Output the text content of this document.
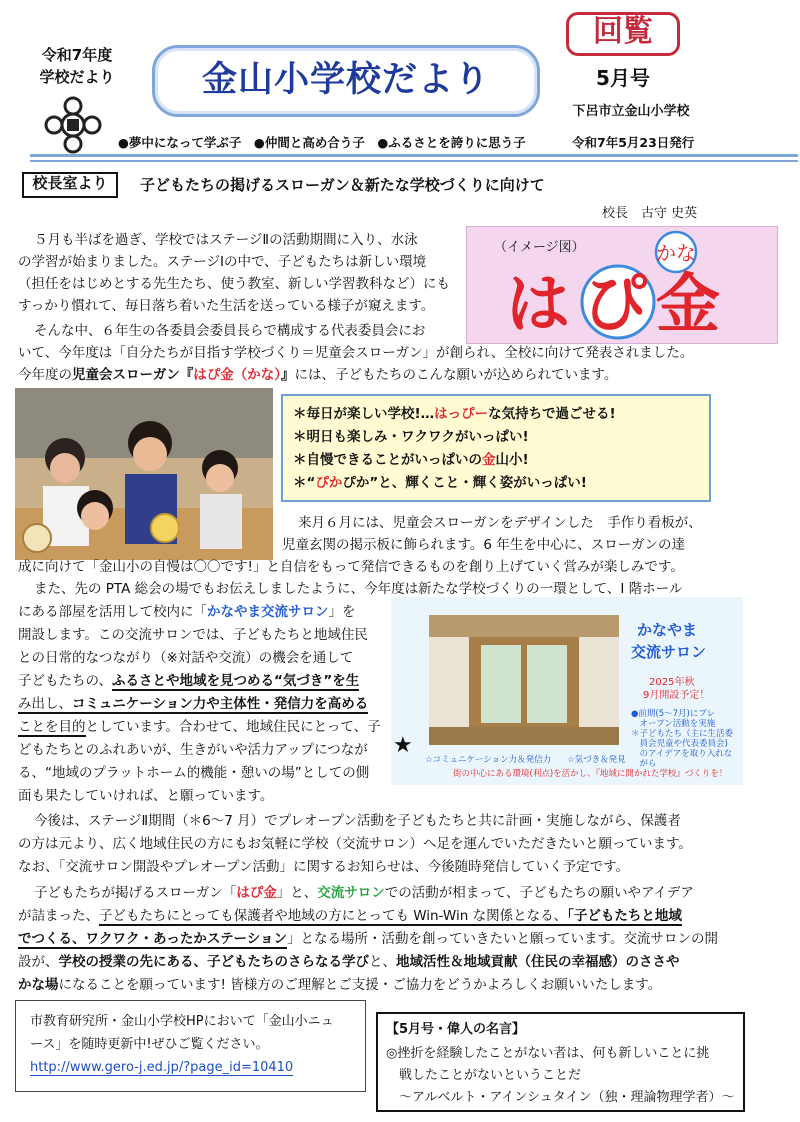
令和7年度
学校だより	金山小学校だより
回覧
5月号
下呂市立金山小学校
●夢中になって学ぶ子　●仲間と高め合う子　●ふるさとを誇りに思う子	令和7年5月23日発行
校長室より	子どもたちの掲げるスローガン＆新たな学校づくりに向けて
校長　古守 史英
（イメージ図）	かな
は ぴ 金
５月も半ばを過ぎ、学校ではステージⅡの活動期間に入り、水泳
の学習が始まりました。ステージⅠの中で、子どもたちは新しい環境
（担任をはじめとする先生たち、使う教室、新しい学習教科など）にも
すっかり慣れて、毎日落ち着いた生活を送っている様子が窺えます。
そんな中、６年生の各委員会委員長らで構成する代表委員会にお
いて、今年度は「自分たちが目指す学校づくり＝児童会スローガン」が創られ、全校に向けて発表されました。
今年度の児童会スローガン『はぴ金（かな）』には、子どもたちのこんな願いが込められています。
＊毎日が楽しい学校!…はっぴーな気持ちで過ごせる!
＊明日も楽しみ・ワクワクがいっぱい!
＊自慢できることがいっぱいの金山小!
＊“ぴかぴか”と、輝くこと・輝く姿がいっぱい!
来月６月には、児童会スローガンをデザインした　手作り看板が、
児童玄関の掲示板に飾られます。6 年生を中心に、スローガンの達
成に向けて「金山小の自慢は〇〇です!」と自信をもって発信できるものを創り上げていく営みが楽しみです。
また、先の PTA 総会の場でもお伝えしましたように、今年度は新たな学校づくりの一環として、Ⅰ 階ホール
にある部屋を活用して校内に「かなやま交流サロン」を
開設します。この交流サロンでは、子どもたちと地域住民
との日常的なつながり（※対話や交流）の機会を通して
子どもたちの、ふるさとや地域を見つめる“気づき”を生
み出し、コミュニケーション力や主体性・発信力を高める
ことを目的としています。合わせて、地域住民にとって、子
どもたちとのふれあいが、生きがいや活力アップにつなが
る、“地域のプラットホーム的機能・憩いの場”としての側
面も果たしていければ、と願っています。
かなやま
交流サロン
2025年秋
9月開設予定！
●前期(5～7月)にプレ
　オープン活動を実施
＊子どもたち（主に生活委
　員会児童や代表委員会)
　のアイデアを取り入れな
　がら
★
☆コミュニケーション力＆発信力 ☆気づき＆発見
街の中心にある環境(利点)を活かし、『地域に開かれた学校』づくりを！
今後は、ステージⅡ期間（＊6～7 月）でプレオープン活動を子どもたちと共に計画・実施しながら、保護者
の方は元より、広く地域住民の方にもお気軽に学校（交流サロン）へ足を運んでいただきたいと願っています。
なお、「交流サロン開設やプレオープン活動」に関するお知らせは、今後随時発信していく予定です。
子どもたちが掲げるスローガン「はぴ金」と、交流サロンでの活動が相まって、子どもたちの願いやアイデア
が詰まった、子どもたちにとっても保護者や地域の方にとっても Win-Win な関係となる、「子どもたちと地域
でつくる、ワクワク・あったかステーション」となる場所・活動を創っていきたいと願っています。交流サロンの開
設が、学校の授業の先にある、子どもたちのさらなる学びと、地域活性＆地域貢献（住民の幸福感）のささや
かな場になることを願っています! 皆様方のご理解とご支援・ご協力をどうかよろしくお願いいたします。
市教育研究所・金山小学校HPにおいて「金山小ニュ
ース」を随時更新中!ぜひご覧ください。
http://www.gero-j.ed.jp/?page_id=10410
【5月号・偉人の名言】
◎挫折を経験したことがない者は、何も新しいことに挑
　戦したことがないということだ
　～アルベルト・アインシュタイン（独・理論物理学者）～
